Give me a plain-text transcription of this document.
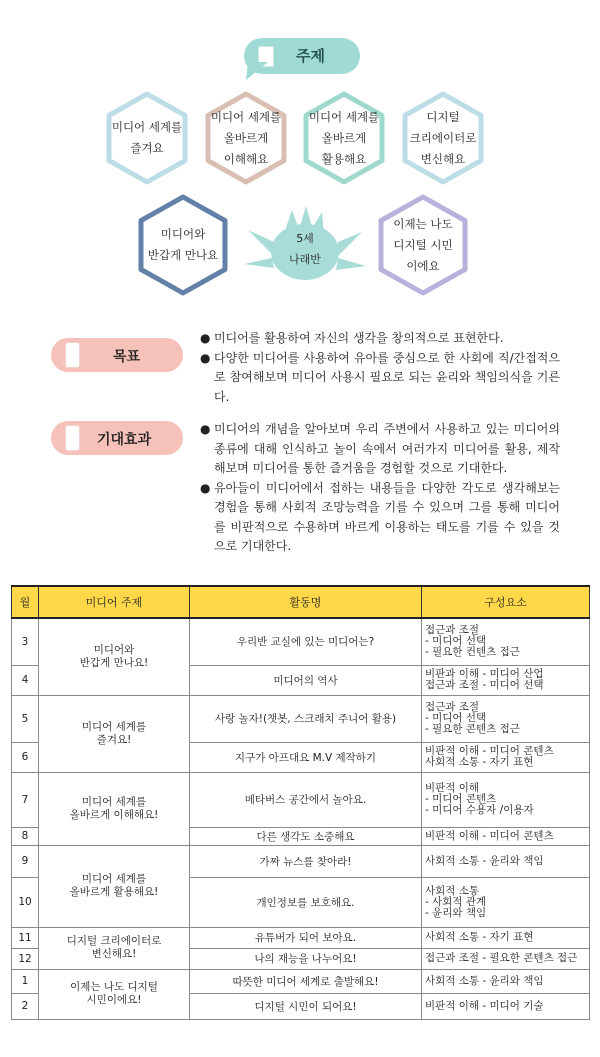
주제
미디어 세계를
즐겨요
미디어 세계를
올바르게
이해해요
미디어 세계를
올바르게
활용해요
디지털
크리에이터로
변신해요
미디어와
반갑게 만나요
이제는 나도
디지털 시민
이에요
목표
● 미디어를 활용하여 자신의 생각을 창의적으로 표현한다.
● 다양한 미디어를 사용하여 유아를 중심으로 한 사회에 직/간접적으로 참여해보며 미디어 사용시 필요로 되는 윤리와 책임의식을 기른다.
기대효과
● 미디어의 개념을 알아보며 우리 주변에서 사용하고 있는 미디어의 종류에 대해 인식하고 놀이 속에서 여러가지 미디어를 활용, 제작해보며 미디어를 통한 즐거움을 경험할 것으로 기대한다.
● 유아들이 미디어에서 접하는 내용들을 다양한 각도로 생각해보는 경험을 통해 사회적 조망능력을 기를 수 있으며 그를 통해 미디어를 비판적으로 수용하며 바르게 이용하는 태도를 기를 수 있을 것으로 기대한다.
월	미디어 주제	활동명	구성요소
3	미디어와
반갑게 만나요!	우리반 교실에 있는 미디어는?	접근과 조절
- 미디어 선택
- 필요한 컨텐츠 접근
4		미디어의 역사	비판과 이해 - 미디어 산업
접근과 조절 - 미디어 선택
5	미디어 세계를
즐겨요!	사랑 놀자!(챗봇, 스크래치 주니어 활용)	접근과 조절
- 미디어 선택
- 필요한 콘텐츠 접근
6		지구가 아프대요 M.V 제작하기	비판적 이해 - 미디어 콘텐츠
사회적 소통 - 자기 표현
7	미디어 세계를
올바르게 이해해요!	메타버스 공간에서 놀아요.	비판적 이해
- 미디어 콘텐츠
- 미디어 수용자 /이용자
8		다른 생각도 소중해요	비판적 이해 - 미디어 콘텐츠
9	미디어 세계를
올바르게 활용해요!	가짜 뉴스를 찾아라!	사회적 소통 - 윤리와 책임
10		개인정보를 보호해요.	사회적 소통
- 사회적 관계
- 윤리와 책임
11	디지털 크리에이터로
변신해요!	유튜버가 되어 보아요.	사회적 소통 - 자기 표현
12		나의 재능을 나누어요!	접근과 조절 - 필요한 콘텐츠 접근
1	이제는 나도 디지털
시민이에요!	따뜻한 미디어 세계로 출발해요!	사회적 소통 - 윤리와 책임
2		디지털 시민이 되어요!	비판적 이해 - 미디어 기술
5세
나래반
